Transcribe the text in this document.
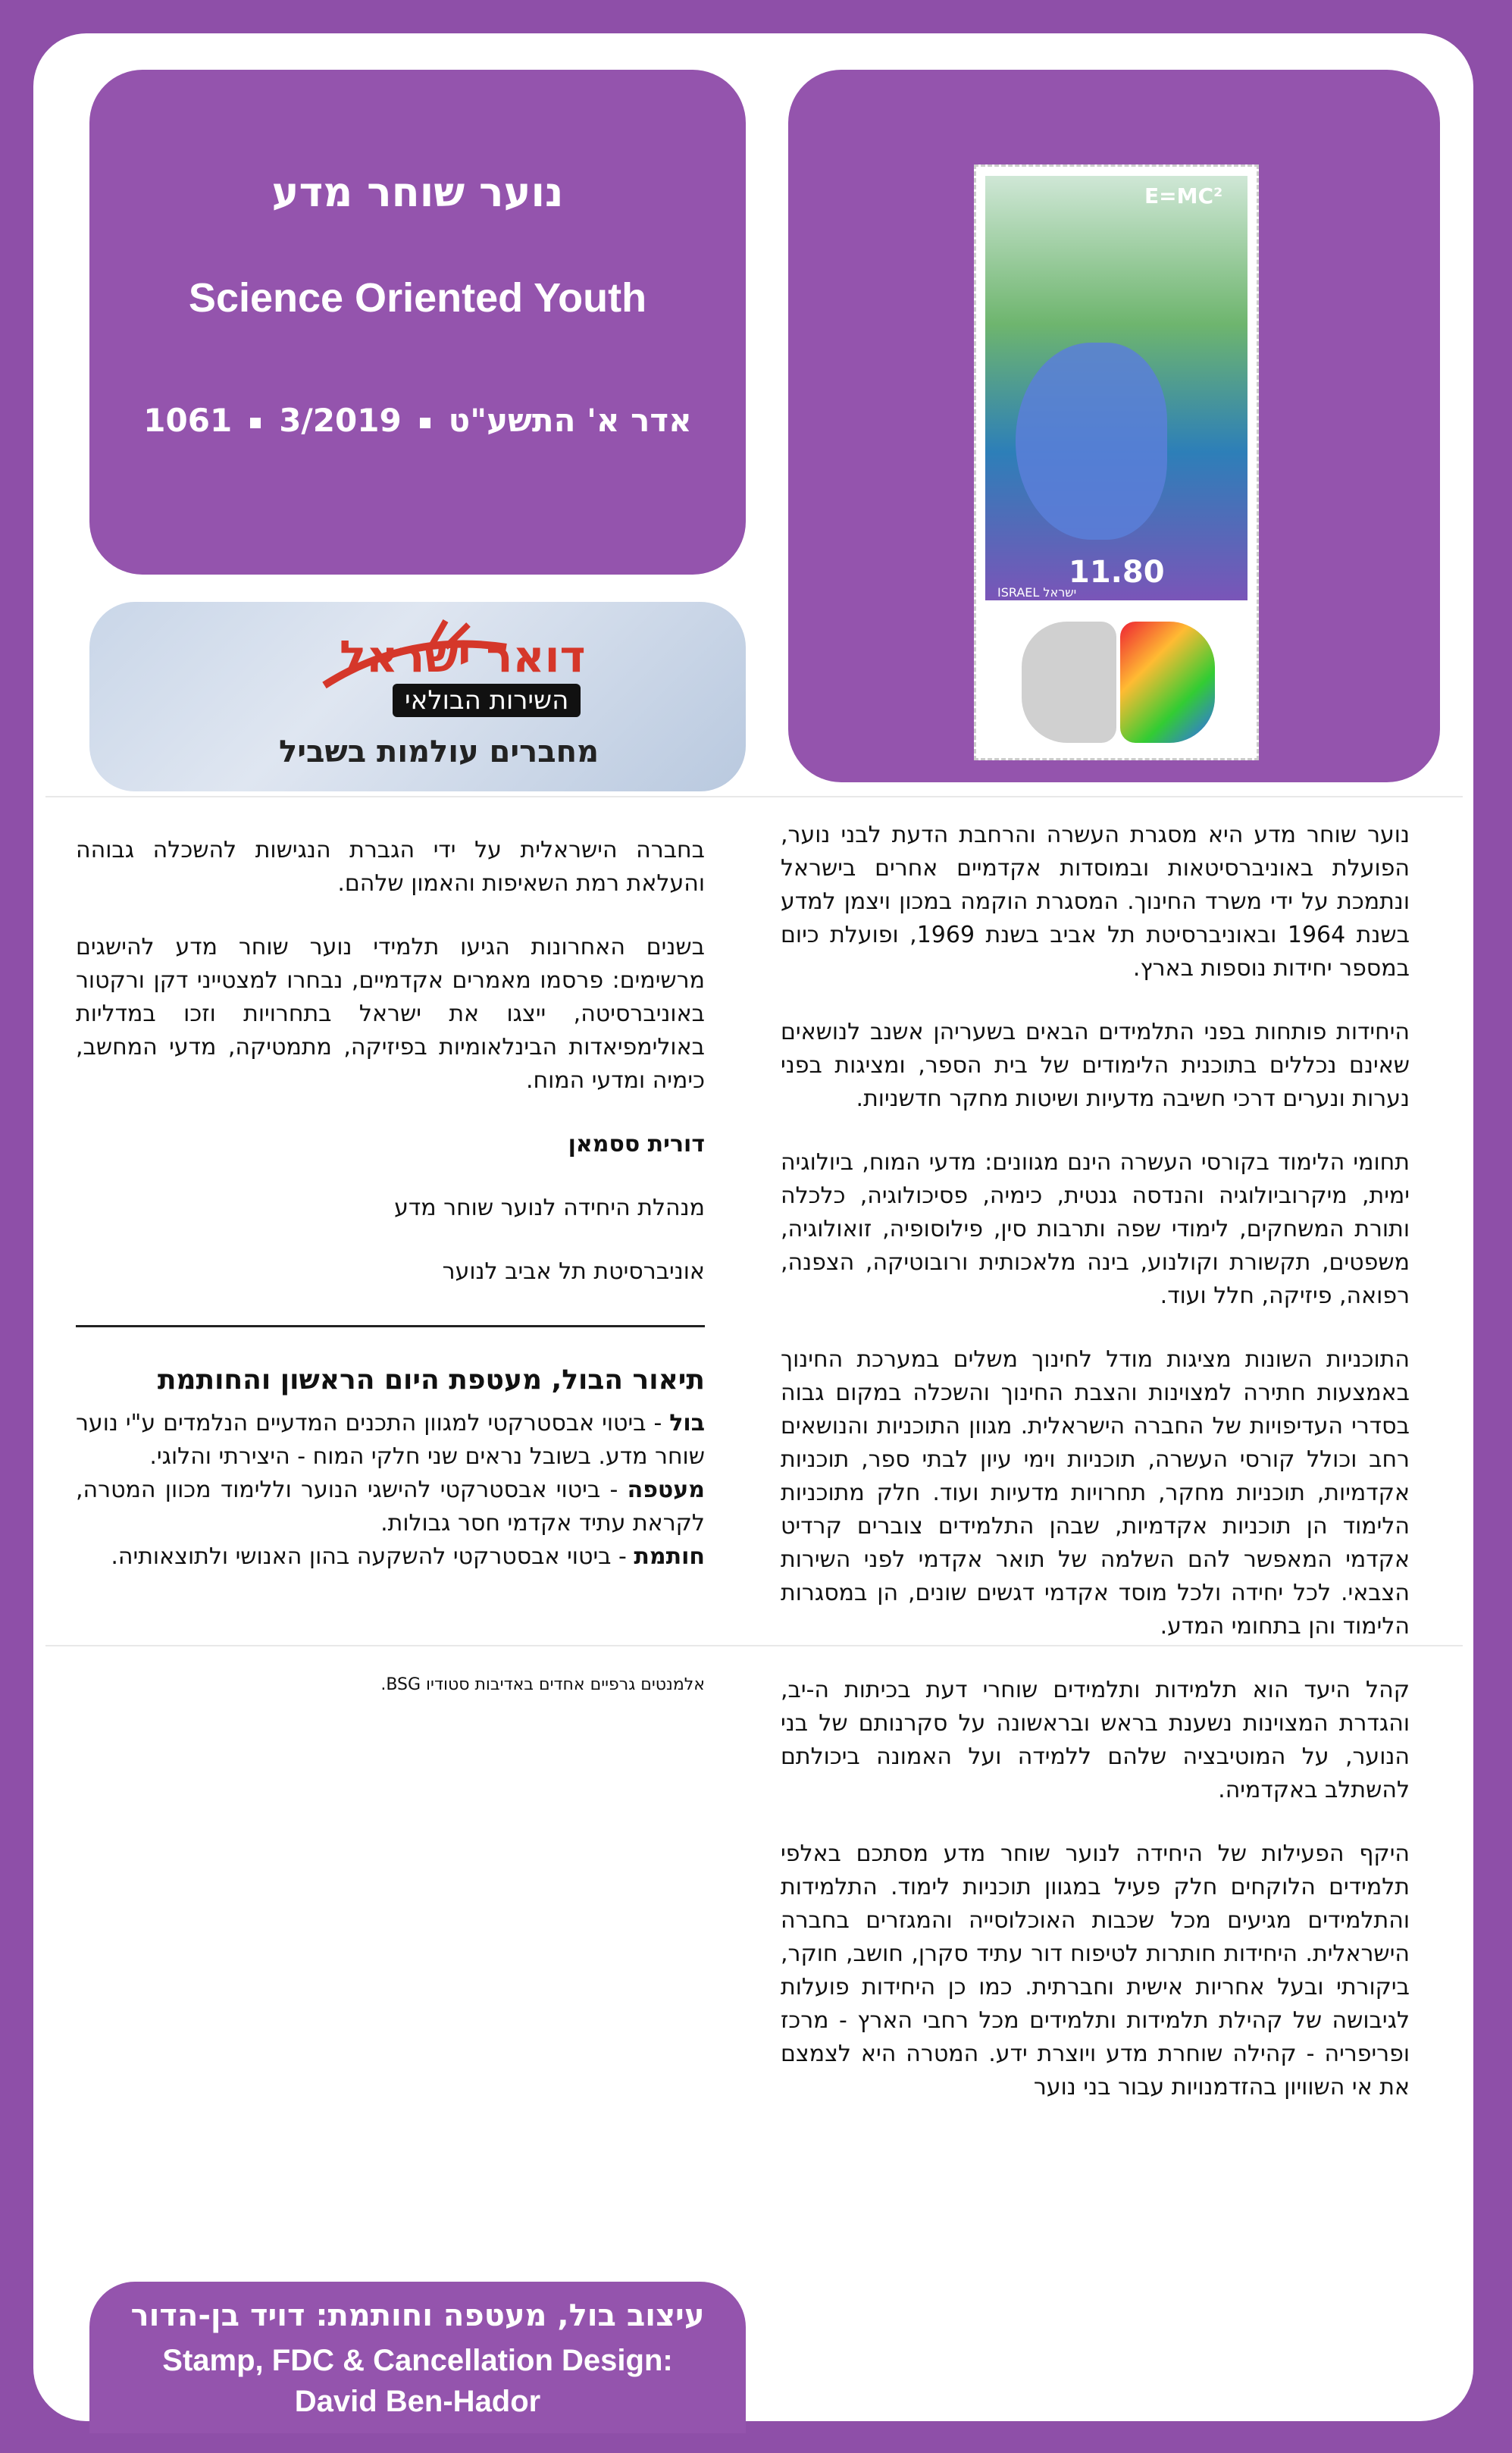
נוער שוחר מדע
Science Oriented Youth
1061 3/2019 אדר א' התשע"ט
דואר ישראל
השירות הבולאי
מחברים עולמות בשביל
E=MC²
11.80
ISRAEL ישראל

נוער שוחר מדע היא מסגרת העשרה והרחבת הדעת לבני נוער, הפועלת באוניברסיטאות ובמוסדות אקדמיים אחרים בישראל ונתמכת על ידי משרד החינוך. המסגרת הוקמה במכון ויצמן למדע בשנת 1964 ובאוניברסיטת תל אביב בשנת 1969, ופועלת כיום במספר יחידות נוספות בארץ.

היחידות פותחות בפני התלמידים הבאים בשעריהן אשנב לנושאים שאינם נכללים בתוכנית הלימודים של בית הספר, ומציגות בפני נערות ונערים דרכי חשיבה מדעיות ושיטות מחקר חדשניות.

תחומי הלימוד בקורסי העשרה הינם מגוונים: מדעי המוח, ביולוגיה ימית, מיקרוביולוגיה והנדסה גנטית, כימיה, פסיכולוגיה, כלכלה ותורת המשחקים, לימודי שפה ותרבות סין, פילוסופיה, זואולוגיה, משפטים, תקשורת וקולנוע, בינה מלאכותית ורובוטיקה, הצפנה, רפואה, פיזיקה, חלל ועוד.

התוכניות השונות מציגות מודל לחינוך משלים במערכת החינוך באמצעות חתירה למצוינות והצבת החינוך והשכלה במקום גבוה בסדרי העדיפויות של החברה הישראלית. מגוון התוכניות והנושאים רחב וכולל קורסי העשרה, תוכניות וימי עיון לבתי ספר, תוכניות אקדמיות, תוכניות מחקר, תחרויות מדעיות ועוד. חלק מתוכניות הלימוד הן תוכניות אקדמיות, שבהן התלמידים צוברים קרדיט אקדמי המאפשר להם השלמה של תואר אקדמי לפני השירות הצבאי. לכל יחידה ולכל מוסד אקדמי דגשים שונים, הן במסגרות הלימוד והן בתחומי המדע.

קהל היעד הוא תלמידות ותלמידים שוחרי דעת בכיתות ה-יב, והגדרת המצוינות נשענת בראש ובראשונה על סקרנותם של בני הנוער, על המוטיבציה שלהם ללמידה ועל האמונה ביכולתם להשתלב באקדמיה.

היקף הפעילות של היחידה לנוער שוחר מדע מסתכם באלפי תלמידים הלוקחים חלק פעיל במגוון תוכניות לימוד. התלמידות והתלמידים מגיעים מכל שכבות האוכלוסייה והמגזרים בחברה הישראלית. היחידות חותרות לטיפוח דור עתיד סקרן, חושב, חוקר, ביקורתי ובעל אחריות אישית וחברתית. כמו כן היחידות פועלות לגיבושה של קהילת תלמידות ותלמידים מכל רחבי הארץ - מרכז ופריפריה - קהילה שוחרת מדע ויוצרת ידע. המטרה היא לצמצם את אי השוויון בהזדמנויות עבור בני נוער

בחברה הישראלית על ידי הגברת הנגישות להשכלה גבוהה והעלאת רמת השאיפות והאמון שלהם.

בשנים האחרונות הגיעו תלמידי נוער שוחר מדע להישגים מרשימים: פרסמו מאמרים אקדמיים, נבחרו למצטייני דקן ורקטור באוניברסיטה, ייצגו את ישראל בתחרויות וזכו במדליות באולימפיאדות הבינלאומיות בפיזיקה, מתמטיקה, מדעי המחשב, כימיה ומדעי המוח.

דורית ססמאן

מנהלת היחידה לנוער שוחר מדע

אוניברסיטת תל אביב לנוער

תיאור הבול, מעטפת היום הראשון והחותמת

בול - ביטוי אבסטרקטי למגוון התכנים המדעיים הנלמדים ע"י נוער שוחר מדע. בשובל נראים שני חלקי המוח - היצירתי והלוגי.

מעטפה - ביטוי אבסטרקטי להישגי הנוער וללימוד מכוון המטרה, לקראת עתיד אקדמי חסר גבולות.

חותמת - ביטוי אבסטרקטי להשקעה בהון האנושי ולתוצאותיה.

אלמנטים גרפיים אחדים באדיבות סטודיו BSG.
עיצוב בול, מעטפה וחותמת: דויד בן-הדור
Stamp, FDC & Cancellation Design:
David Ben-Hador
